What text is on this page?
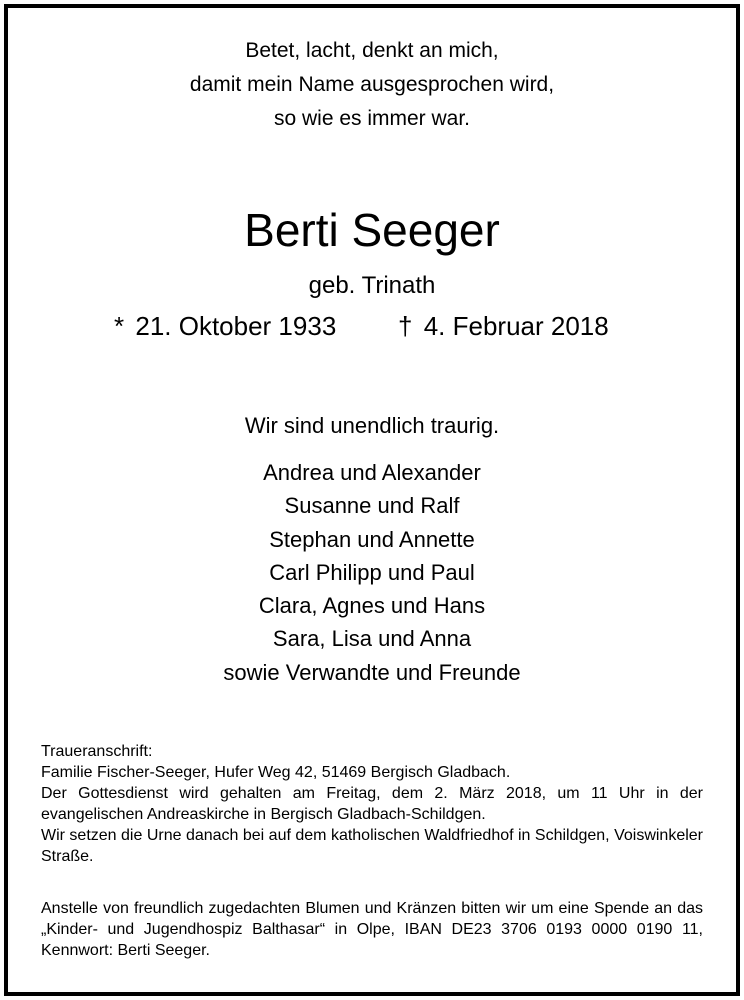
Betet, lacht, denkt an mich,
damit mein Name ausgesprochen wird,
so wie es immer war.
Berti Seeger
geb. Trinath
* 21. Oktober 1933 † 4. Februar 2018
Wir sind unendlich traurig.
Andrea und Alexander
Susanne und Ralf
Stephan und Annette
Carl Philipp und Paul
Clara, Agnes und Hans
Sara, Lisa und Anna
sowie Verwandte und Freunde
Traueranschrift:
Familie Fischer-Seeger, Hufer Weg 42, 51469 Bergisch Gladbach.
Der Gottesdienst wird gehalten am Freitag, dem 2. März 2018, um 11 Uhr in der evangelischen Andreaskirche in Bergisch Gladbach-Schildgen.
Wir setzen die Urne danach bei auf dem katholischen Waldfriedhof in Schildgen, Voiswinkeler Straße.
Anstelle von freundlich zugedachten Blumen und Kränzen bitten wir um eine Spende an das „Kinder- und Jugendhospiz Balthasar“ in Olpe, IBAN DE23 3706 0193 0000 0190 11, Kennwort: Berti Seeger.
